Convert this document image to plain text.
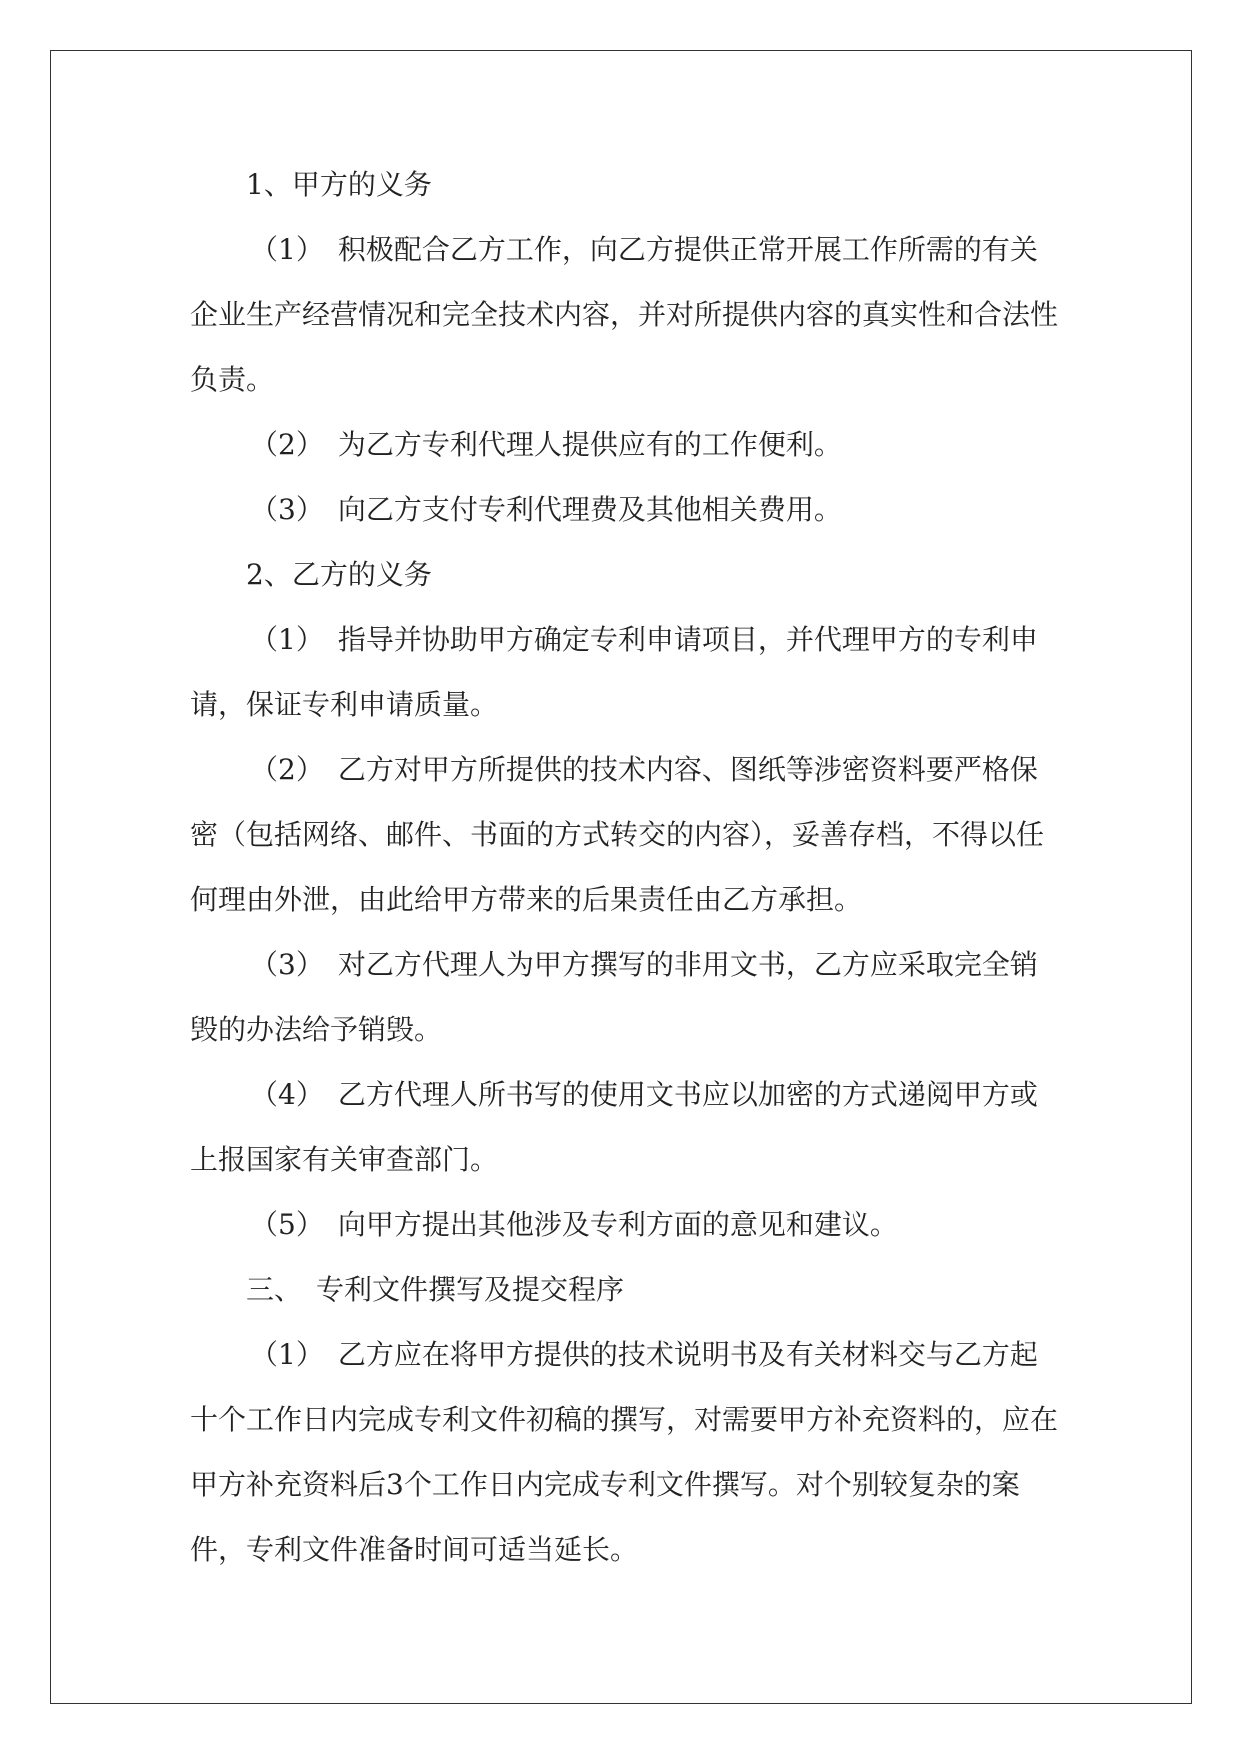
1、甲方的义务

（1）　积极配合乙方工作，向乙方提供正常开展工作所需的有关企业生产经营情况和完全技术内容，并对所提供内容的真实性和合法性负责。

（2）　为乙方专利代理人提供应有的工作便利。

（3）　向乙方支付专利代理费及其他相关费用。

2、乙方的义务

（1）　指导并协助甲方确定专利申请项目，并代理甲方的专利申请，保证专利申请质量。

（2）　乙方对甲方所提供的技术内容、图纸等涉密资料要严格保密（包括网络、邮件、书面的方式转交的内容），妥善存档，不得以任何理由外泄，由此给甲方带来的后果责任由乙方承担。

（3）　对乙方代理人为甲方撰写的非用文书，乙方应采取完全销毁的办法给予销毁。

（4）　乙方代理人所书写的使用文书应以加密的方式递阅甲方或上报国家有关审查部门。

（5）　向甲方提出其他涉及专利方面的意见和建议。

三、　专利文件撰写及提交程序

（1）　乙方应在将甲方提供的技术说明书及有关材料交与乙方起十个工作日内完成专利文件初稿的撰写，对需要甲方补充资料的，应在甲方补充资料后3个工作日内完成专利文件撰写。对个别较复杂的案件，专利文件准备时间可适当延长。
